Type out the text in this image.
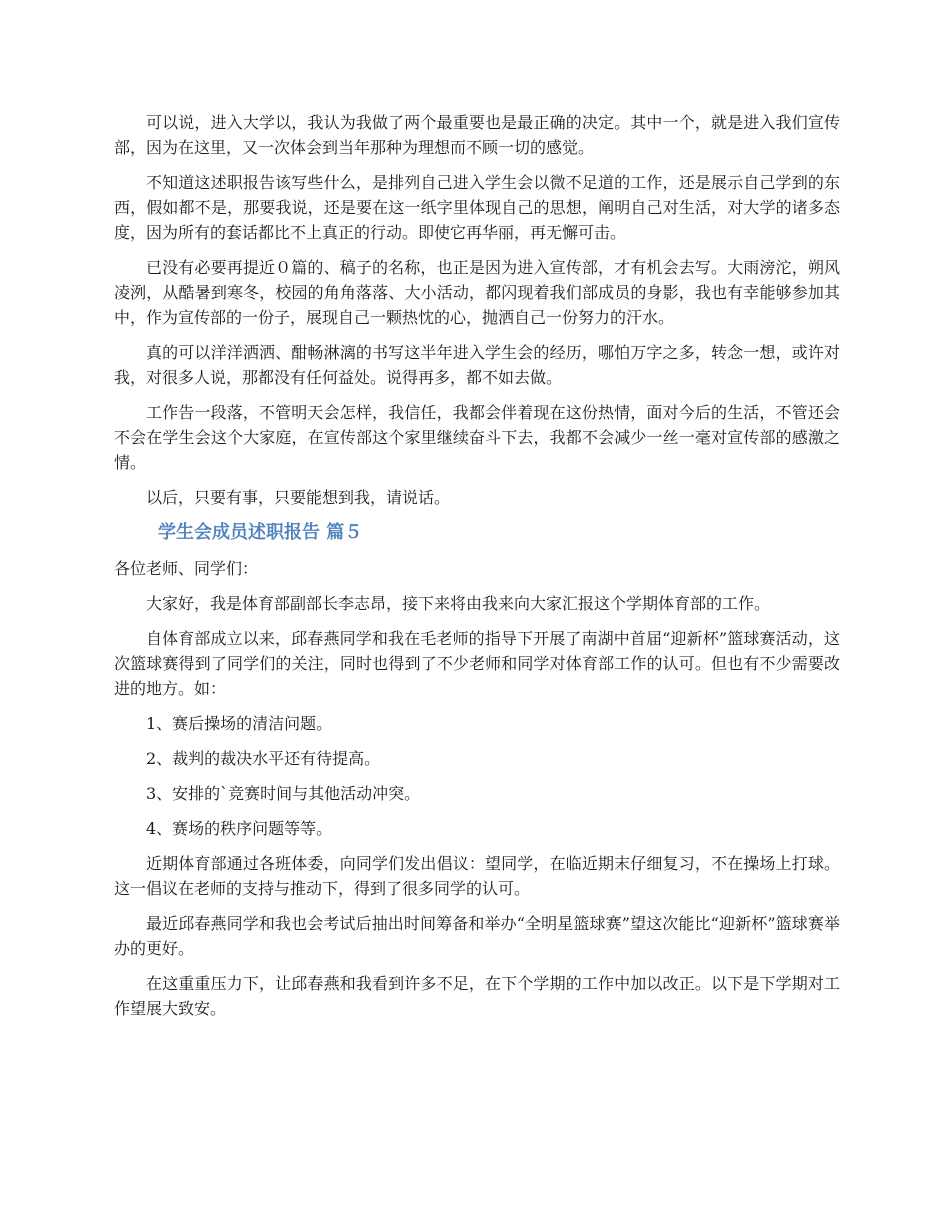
可以说，进入大学以，我认为我做了两个最重要也是最正确的决定。其中一个，就是进入我们宣传部，因为在这里，又一次体会到当年那种为理想而不顾一切的感觉。

不知道这述职报告该写些什么，是排列自己进入学生会以微不足道的工作，还是展示自己学到的东西，假如都不是，那要我说，还是要在这一纸字里体现自己的思想，阐明自己对生活，对大学的诸多态度，因为所有的套话都比不上真正的行动。即使它再华丽，再无懈可击。

已没有必要再提近０篇的、稿子的名称，也正是因为进入宣传部，才有机会去写。大雨滂沱，朔风凌洌，从酷暑到寒冬，校园的角角落落、大小活动，都闪现着我们部成员的身影，我也有幸能够参加其中，作为宣传部的一份子，展现自己一颗热忱的心，抛洒自己一份努力的汗水。

真的可以洋洋洒洒、酣畅淋漓的书写这半年进入学生会的经历，哪怕万字之多，转念一想，或许对我，对很多人说，那都没有任何益处。说得再多，都不如去做。

工作告一段落，不管明天会怎样，我信任，我都会伴着现在这份热情，面对今后的生活，不管还会不会在学生会这个大家庭，在宣传部这个家里继续奋斗下去，我都不会减少一丝一毫对宣传部的感激之情。

以后，只要有事，只要能想到我，请说话。

学生会成员述职报告 篇５

各位老师、同学们：

大家好，我是体育部副部长李志昂，接下来将由我来向大家汇报这个学期体育部的工作。

自体育部成立以来，邱春燕同学和我在毛老师的指导下开展了南湖中首届“迎新杯”篮球赛活动，这次篮球赛得到了同学们的关注，同时也得到了不少老师和同学对体育部工作的认可。但也有不少需要改进的地方。如：

1、赛后操场的清洁问题。

2、裁判的裁决水平还有待提高。

3、安排的`竞赛时间与其他活动冲突。

4、赛场的秩序问题等等。

近期体育部通过各班体委，向同学们发出倡议：望同学，在临近期末仔细复习，不在操场上打球。这一倡议在老师的支持与推动下，得到了很多同学的认可。

最近邱春燕同学和我也会考试后抽出时间筹备和举办“全明星篮球赛”望这次能比“迎新杯”篮球赛举办的更好。

在这重重压力下，让邱春燕和我看到许多不足，在下个学期的工作中加以改正。以下是下学期对工作望展大致安。
